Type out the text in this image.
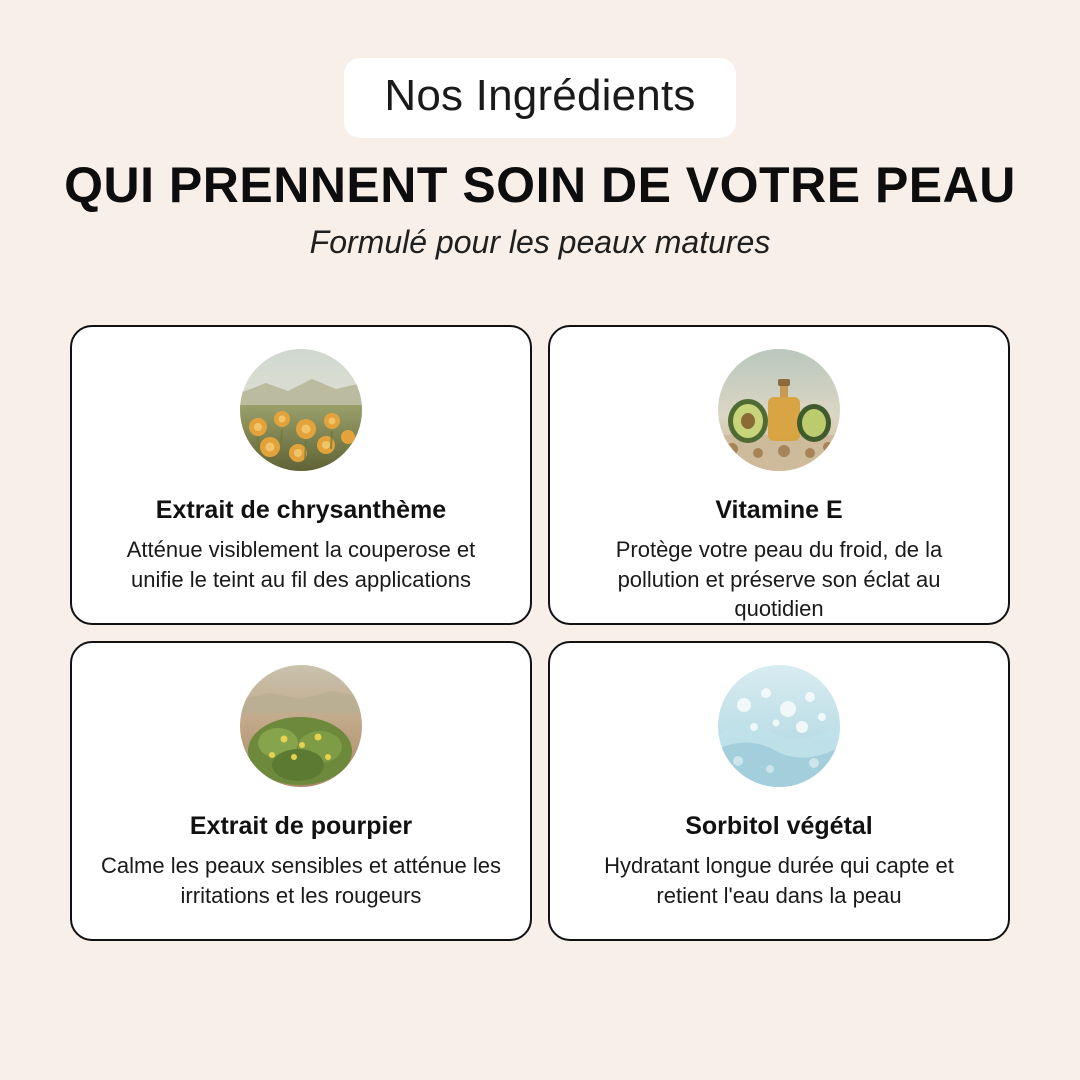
Nos Ingrédients
QUI PRENNENT SOIN DE VOTRE PEAU
Formulé pour les peaux matures
Extrait de chrysanthème
Atténue visiblement la couperose et unifie le teint au fil des applications
Vitamine E
Protège votre peau du froid, de la pollution et préserve son éclat au quotidien
Extrait de pourpier
Calme les peaux sensibles et atténue les irritations et les rougeurs
Sorbitol végétal
Hydratant longue durée qui capte et retient l'eau dans la peau
